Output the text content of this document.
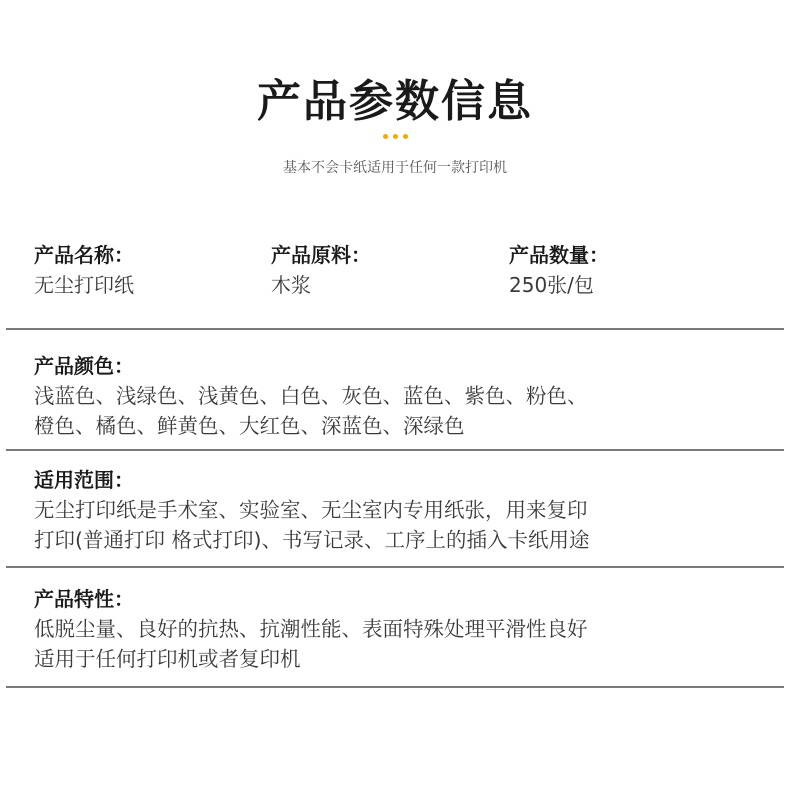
产品参数信息
基本不会卡纸适用于任何一款打印机
产品名称：
无尘打印纸
产品原料：
木浆
产品数量：
250张/包
产品颜色：
浅蓝色、浅绿色、浅黄色、白色、灰色、蓝色、紫色、粉色、
橙色、橘色、鲜黄色、大红色、深蓝色、深绿色
适用范围：
无尘打印纸是手术室、实验室、无尘室内专用纸张，用来复印
打印(普通打印 格式打印)、书写记录、工序上的插入卡纸用途
产品特性：
低脱尘量、良好的抗热、抗潮性能、表面特殊处理平滑性良好
适用于任何打印机或者复印机
